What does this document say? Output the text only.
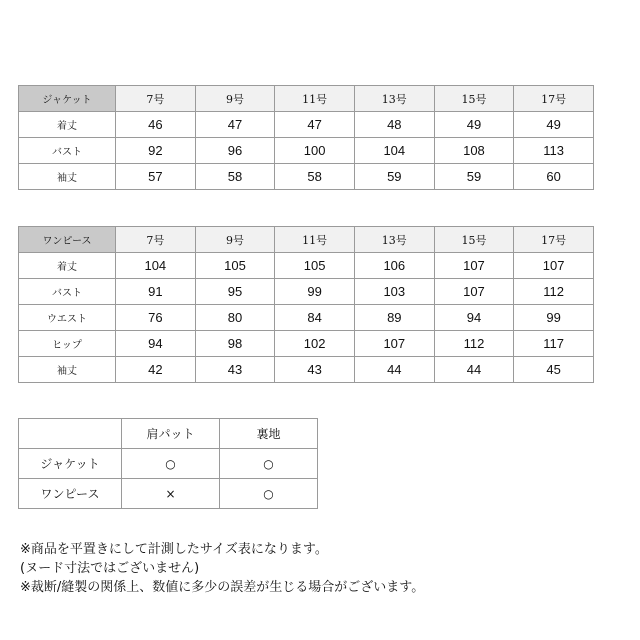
ジャケット	7号	9号	11号	13号	15号	17号
着丈	46	47	47	48	49	49
バスト	92	96	100	104	108	113
袖丈	57	58	58	59	59	60
ワンピース	7号	9号	11号	13号	15号	17号
着丈	104	105	105	106	107	107
バスト	91	95	99	103	107	112
ウエスト	76	80	84	89	94	99
ヒップ	94	98	102	107	112	117
袖丈	42	43	43	44	44	45
	肩パット	裏地
ジャケット	○	○
ワンピース	×	○
※商品を平置きにして計測したサイズ表になります。
(ヌード寸法ではございません)
※裁断/縫製の関係上、数値に多少の誤差が生じる場合がございます。
